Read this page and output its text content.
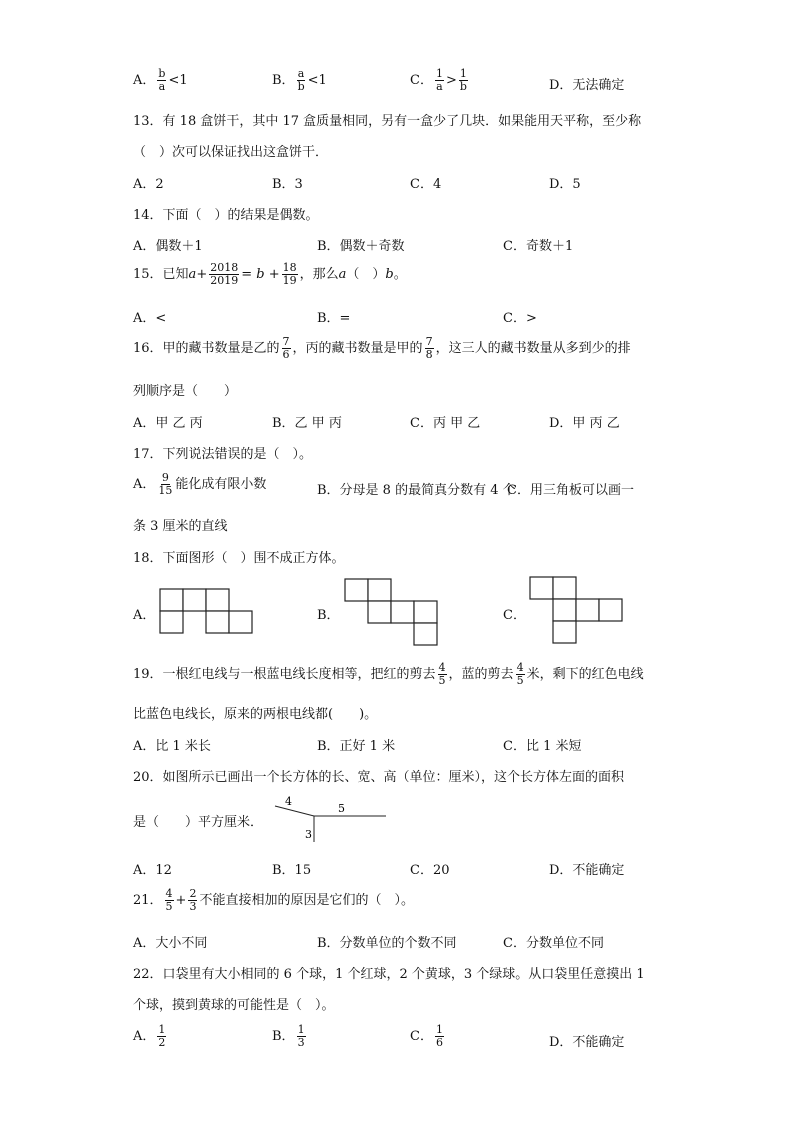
A． $\frac{b}{a} <1$	B． $\frac{a}{b} <1$	C． $\frac{1}{a} > \frac{1}{b}$	D．无法确定
13．有 18 盒饼干，其中 17 盒质量相同，另有一盒少了几块．如果能用天平称，至少称
（　）次可以保证找出这盒饼干．
A．2	B．3	C．4	D．5
14．下面（　）的结果是偶数。
A．偶数＋1	B．偶数＋奇数	C．奇数＋1
15．已知$a+ \frac{2018}{2019} = b + \frac{18}{19}$ ，那么a（　）b。
A．<	B．=	C．>
16．甲的藏书数量是乙的 $\frac{7}{6}$ ，丙的藏书数量是甲的 $\frac{7}{8}$ ，这三人的藏书数量从多到少的排
列顺序是（　　）
A．甲 乙 丙	B．乙 甲 丙	C．丙 甲 乙	D．甲 丙 乙
17．下列说法错误的是（　）。
A． $\frac{9}{15}$ 能化成有限小数	B．分母是 8 的最简真分数有 4 个
C．用三角板可以画一
条 3 厘米的直线
18．下面图形（　）围不成正方体。
A．	B．	C．
19．一根红电线与一根蓝电线长度相等，把红的剪去 $\frac{4}{5}$ ，蓝的剪去 $\frac{4}{5}$ 米，剩下的红色电线
比蓝色电线长，原来的两根电线都(　　)。
A．比 1 米长	B．正好 1 米	C．比 1 米短
20．如图所示已画出一个长方体的长、宽、高（单位：厘米），这个长方体左面的面积
是（　　）平方厘米．
4
5
3
A．12	B．15	C．20	D．不能确定
21． $\frac{4}{5} + \frac{2}{3}$ 不能直接相加的原因是它们的（　）。
A．大小不同	B．分数单位的个数不同	C．分数单位不同
22．口袋里有大小相同的 6 个球，1 个红球，2 个黄球，3 个绿球。从口袋里任意摸出 1
个球，摸到黄球的可能性是（　）。
A． $\frac{1}{2}$	B． $\frac{1}{3}$	C． $\frac{1}{6}$	D．不能确定
